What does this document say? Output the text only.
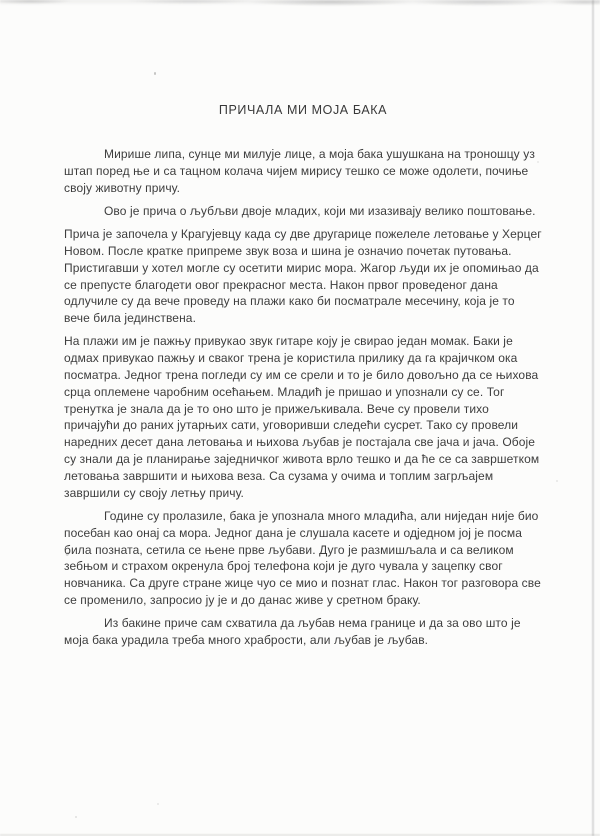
ПРИЧАЛА МИ МОЈА БАКА

Мирише липа, сунце ми милује лице, а моја бака ушушкана на троношцу уз штап поред ње и са тацном колача чијем мирису тешко се може одолети, почиње своју животну причу.

Ово је прича о љубљви двоје младих, који ми изазивају велико поштовање.

Прича је започела у Крагујевцу када су две другарице пожелеле летовање у Херцег Новом. После кратке припреме звук воза и шина је означио почетак путовања. Пристигавши у хотел могле су осетити мирис мора. Жагор људи их је опомињао да се препусте благодети овог прекрасног места. Након првог проведеног дана одлучиле су да вече проведу на плажи како би посматрале месечину, која је то вече била јединствена.

На плажи им је пажњу привукао звук гитаре коју је свирао један момак. Баки је одмах привукао пажњу и сваког трена је користила прилику да га крајичком ока посматра. Једног трена погледи су им се срели и то је било довољно да се њихова срца оплемене чаробним осећањем. Младић је пришао и упознали су се. Тог тренутка је знала да је то оно што је прижељкивала. Вече су провели тихо причајући до раних јутарњих сати, уговоривши следећи сусрет. Тако су провели наредних десет дана летовања и њихова љубав је постајала све јача и јача. Обоје су знали да је планирање заједничког живота врло тешко и да ће се са завршетком летовања завршити и њихова веза. Са сузама у очима и топлим загрљајем завршили су своју летњу причу.

Године су пролазиле, бака је упознала много младића, али ниједан није био посебан као онај са мора. Једног дана је слушала касете и одједном јој је посма била позната, сетила се њене прве љубави. Дуго је размишљала и са великом зебњом и страхом окренула број телефона који је дуго чувала у зацепку свог новчаника. Са друге стране жице чуо се мио и познат глас. Након тог разговора све се променило, запросио ју је и до данас живе у сретном браку.

Из бакине приче сам схватила да љубав нема границе и да за ово што је моја бака урадила треба много храбрости, али љубав је љубав.
